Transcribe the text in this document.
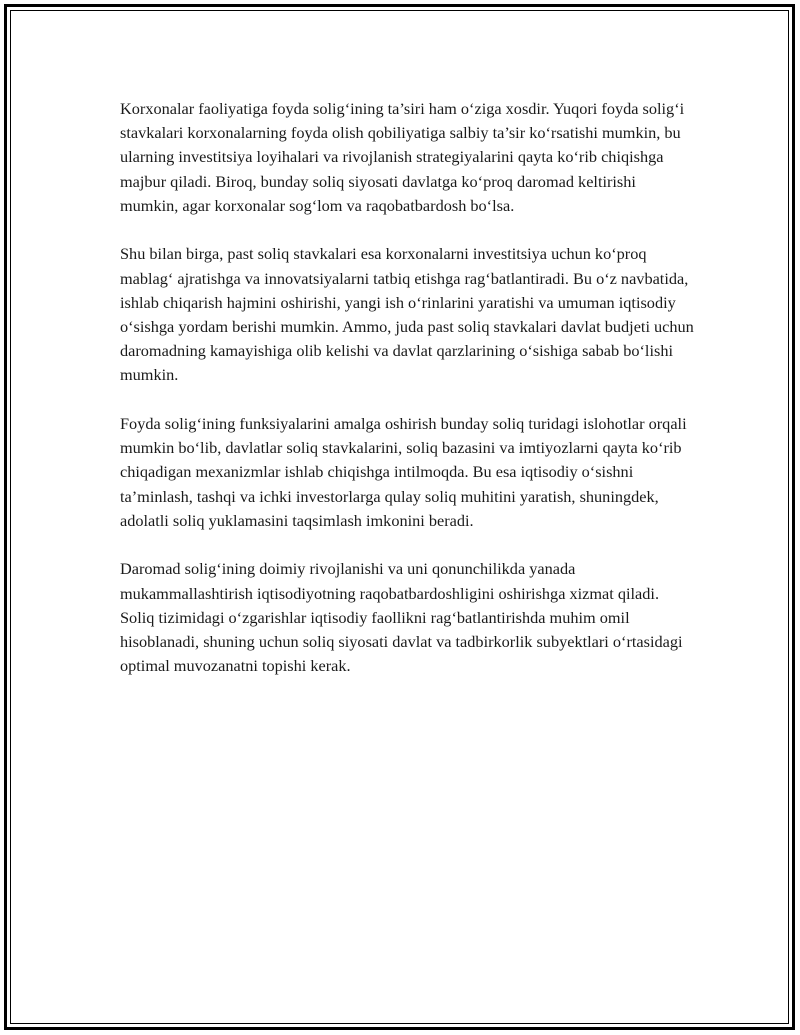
Korxonalar faoliyatiga foyda solig‘ining ta’siri ham o‘ziga xosdir. Yuqori foyda solig‘i stavkalari korxonalarning foyda olish qobiliyatiga salbiy ta’sir ko‘rsatishi mumkin, bu ularning investitsiya loyihalari va rivojlanish strategiyalarini qayta ko‘rib chiqishga majbur qiladi. Biroq, bunday soliq siyosati davlatga ko‘proq daromad keltirishi mumkin, agar korxonalar sog‘lom va raqobatbardosh bo‘lsa.

Shu bilan birga, past soliq stavkalari esa korxonalarni investitsiya uchun ko‘proq mablag‘ ajratishga va innovatsiyalarni tatbiq etishga rag‘batlantiradi. Bu o‘z navbatida, ishlab chiqarish hajmini oshirishi, yangi ish o‘rinlarini yaratishi va umuman iqtisodiy o‘sishga yordam berishi mumkin. Ammo, juda past soliq stavkalari davlat budjeti uchun daromadning kamayishiga olib kelishi va davlat qarzlarining o‘sishiga sabab bo‘lishi mumkin.

Foyda solig‘ining funksiyalarini amalga oshirish bunday soliq turidagi islohotlar orqali mumkin bo‘lib, davlatlar soliq stavkalarini, soliq bazasini va imtiyozlarni qayta ko‘rib chiqadigan mexanizmlar ishlab chiqishga intilmoqda. Bu esa iqtisodiy o‘sishni ta’minlash, tashqi va ichki investorlarga qulay soliq muhitini yaratish, shuningdek, adolatli soliq yuklamasini taqsimlash imkonini beradi.

Daromad solig‘ining doimiy rivojlanishi va uni qonunchilikda yanada mukammallashtirish iqtisodiyotning raqobatbardoshligini oshirishga xizmat qiladi. Soliq tizimidagi o‘zgarishlar iqtisodiy faollikni rag‘batlantirishda muhim omil hisoblanadi, shuning uchun soliq siyosati davlat va tadbirkorlik subyektlari o‘rtasidagi optimal muvozanatni topishi kerak.
